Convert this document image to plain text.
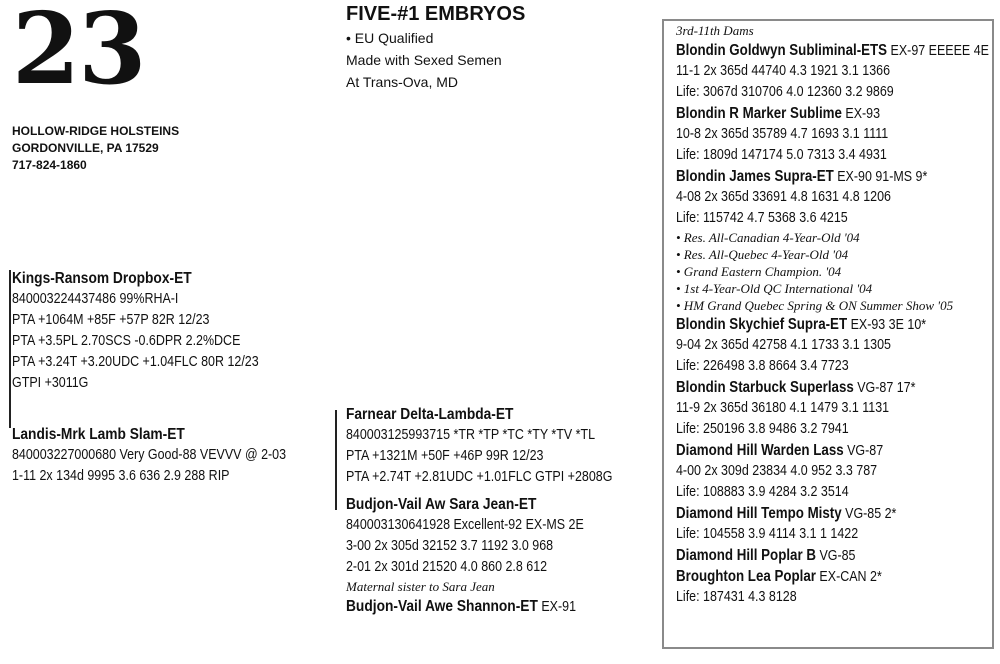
23
HOLLOW-RIDGE HOLSTEINS
GORDONVILLE, PA 17529
717-824-1860
FIVE-#1 EMBRYOS
• EU Qualified
Made with Sexed Semen
At Trans-Ova, MD
Kings-Ransom Dropbox-ET
840003224437486 99%RHA-I
PTA +1064M +85F +57P 82R 12/23
PTA +3.5PL 2.70SCS -0.6DPR 2.2%DCE
PTA +3.24T +3.20UDC +1.04FLC 80R 12/23
GTPI +3011G
Landis-Mrk Lamb Slam-ET
840003227000680 Very Good-88 VEVVV @ 2-03
1-11 2x 134d 9995 3.6 636 2.9 288 RIP
Farnear Delta-Lambda-ET
840003125993715 *TR *TP *TC *TY *TV *TL
PTA +1321M +50F +46P 99R 12/23
PTA +2.74T +2.81UDC +1.01FLC GTPI +2808G
Budjon-Vail Aw Sara Jean-ET
840003130641928 Excellent-92 EX-MS 2E
3-00 2x 305d 32152 3.7 1192 3.0 968
2-01 2x 301d 21520 4.0 860 2.8 612
Maternal sister to Sara Jean
Budjon-Vail Awe Shannon-ET EX-91
3rd-11th Dams
Blondin Goldwyn Subliminal-ETS EX-97 EEEEE 4E
11-1 2x 365d 44740 4.3 1921 3.1 1366
Life: 3067d 310706 4.0 12360 3.2 9869
Blondin R Marker Sublime EX-93
10-8 2x 365d 35789 4.7 1693 3.1 1111
Life: 1809d 147174 5.0 7313 3.4 4931
Blondin James Supra-ET EX-90 91-MS 9*
4-08 2x 365d 33691 4.8 1631 4.8 1206
Life: 115742 4.7 5368 3.6 4215
• Res. All-Canadian 4-Year-Old '04
• Res. All-Quebec 4-Year-Old '04
• Grand Eastern Champion. '04
• 1st 4-Year-Old QC International '04
• HM Grand Quebec Spring & ON Summer Show '05
Blondin Skychief Supra-ET EX-93 3E 10*
9-04 2x 365d 42758 4.1 1733 3.1 1305
Life: 226498 3.8 8664 3.4 7723
Blondin Starbuck Superlass VG-87 17*
11-9 2x 365d 36180 4.1 1479 3.1 1131
Life: 250196 3.8 9486 3.2 7941
Diamond Hill Warden Lass VG-87
4-00 2x 309d 23834 4.0 952 3.3 787
Life: 108883 3.9 4284 3.2 3514
Diamond Hill Tempo Misty VG-85 2*
Life: 104558 3.9 4114 3.1 1 1422
Diamond Hill Poplar B VG-85
Broughton Lea Poplar EX-CAN 2*
Life: 187431 4.3 8128
